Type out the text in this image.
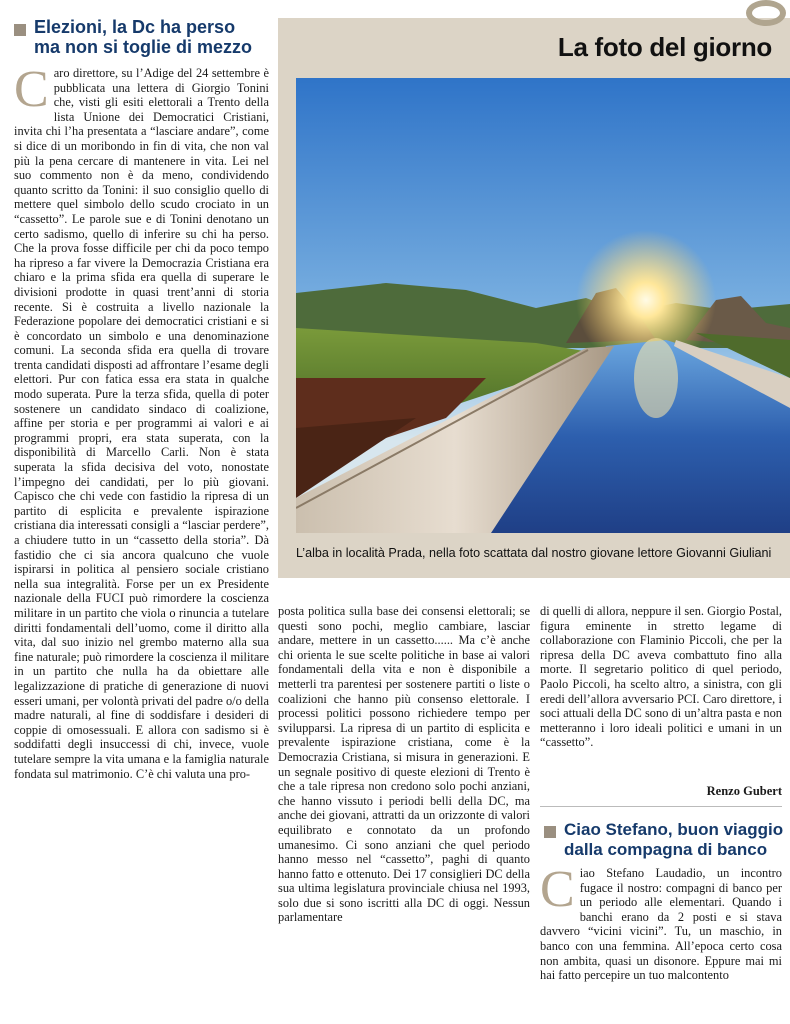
Elezioni, la Dc ha perso
ma non si toglie di mezzo
C aro direttore, su l’Adige del 24 settembre è pubblicata una lettera di Giorgio Tonini che, visti gli esiti elettorali a Trento della lista Unione dei Democratici Cristiani, invita chi l’ha presentata a “lasciare andare”, come si dice di un moribondo in fin di vita, che non val più la pena cercare di mantenere in vita. Lei nel suo commento non è da meno, condividendo quanto scritto da Tonini: il suo consiglio quello di mettere quel simbolo dello scudo crociato in un “cassetto”. Le parole sue e di Tonini denotano un certo sadismo, quello di inferire su chi ha perso. Che la prova fosse difficile per chi da poco tempo ha ripreso a far vivere la Democrazia Cristiana era chiaro e la prima sfida era quella di superare le divisioni prodotte in quasi trent’anni di storia recente. Si è costruita a livello nazionale la Federazione popolare dei democratici cristiani e si è concordato un simbolo e una denominazione comuni. La seconda sfida era quella di trovare trenta candidati disposti ad affrontare l’esame degli elettori. Pur con fatica essa era stata in qualche modo superata. Pure la terza sfida, quella di poter sostenere un candidato sindaco di coalizione, affine per storia e per programmi ai valori e ai programmi propri, era stata superata, con la disponibilità di Marcello Carli. Non è stata superata la sfida decisiva del voto, nonostate l’impegno dei candidati, per lo più giovani. Capisco che chi vede con fastidio la ripresa di un partito di esplicita e prevalente ispirazione cristiana dia interessati consigli a “lasciar perdere”, a chiudere tutto in un “cassetto della storia”. Dà fastidio che ci sia ancora qualcuno che vuole ispirarsi in politica al pensiero sociale cristiano nella sua integralità. Forse per un ex Presidente nazionale della FUCI può rimordere la coscienza militare in un partito che viola o rinuncia a tutelare diritti fondamentali dell’uomo, come il diritto alla vita, dal suo inizio nel grembo materno alla sua fine naturale; può rimordere la coscienza il militare in un partito che nulla ha da obiettare alle legalizzazione di pratiche di generazione di nuovi esseri umani, per volontà privati del padre o/o della madre naturali, al fine di soddisfare i desideri di coppie di omosessuali. E allora con sadismo si è soddifatti degli insuccessi di chi, invece, vuole tutelare sempre la vita umana e la famiglia naturale fondata sul matrimonio. C’è chi valuta una pro-

La foto del giorno
L’alba in località Prada, nella foto scattata dal nostro giovane lettore Giovanni Giuliani

posta politica sulla base dei consensi elettorali; se questi sono pochi, meglio cambiare, lasciar andare, mettere in un cassetto...... Ma c’è anche chi orienta le sue scelte politiche in base ai valori fondamentali della vita e non è disponibile a metterli tra parentesi per sostenere partiti o liste o coalizioni che hanno più consenso elettorale. I processi politici possono richiedere tempo per svilupparsi. La ripresa di un partito di esplicita e prevalente ispirazione cristiana, come è la Democrazia Cristiana, si misura in generazioni. E un segnale positivo di queste elezioni di Trento è che a tale ripresa non credono solo pochi anziani, che hanno vissuto i periodi belli della DC, ma anche dei giovani, attratti da un orizzonte di valori equilibrato e connotato da un profondo umanesimo. Ci sono anziani che quel periodo hanno messo nel “cassetto”, paghi di quanto hanno fatto e ottenuto. Dei 17 consiglieri DC della sua ultima legislatura provinciale chiusa nel 1993, solo due si sono iscritti alla DC di oggi. Nessun parlamentare

di quelli di allora, neppure il sen. Giorgio Postal, figura eminente in stretto legame di collaborazione con Flaminio Piccoli, che per la ripresa della DC aveva combattuto fino alla morte. Il segretario politico di quel periodo, Paolo Piccoli, ha scelto altro, a sinistra, con gli eredi dell’allora avversario PCI. Caro direttore, i soci attuali della DC sono di un’altra pasta e non metteranno i loro ideali politici e umani in un “cassetto”.

Renzo Gubert
Ciao Stefano, buon viaggio
dalla compagna di banco
C iao Stefano Laudadio, un incontro fugace il nostro: compagni di banco per un periodo alle elementari. Quando i banchi erano da 2 posti e si stava davvero “vicini vicini”. Tu, un maschio, in banco con una femmina. All’epoca certo cosa non ambita, quasi un disonore. Eppure mai mi hai fatto percepire un tuo malcontento
